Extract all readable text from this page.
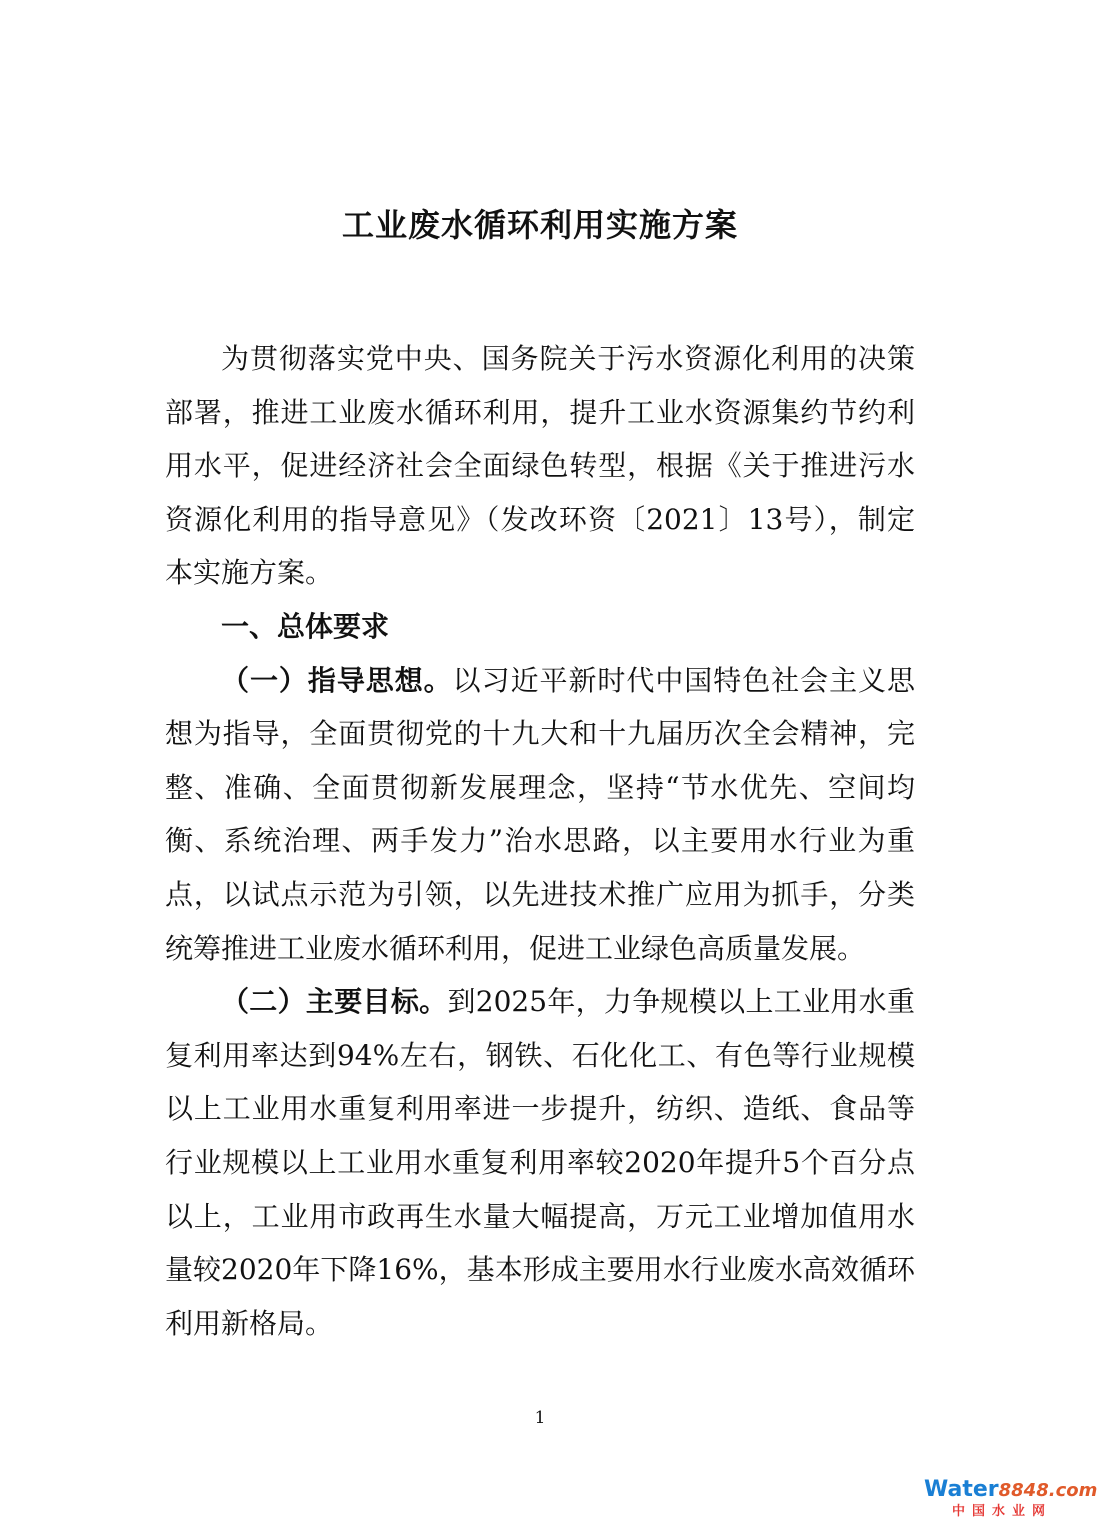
工业废水循环利用实施方案

为贯彻落实党中央、国务院关于污水资源化利用的决策部署，推进工业废水循环利用，提升工业水资源集约节约利用水平，促进经济社会全面绿色转型，根据《关于推进污水资源化利用的指导意见》（发改环资〔2021〕13号），制定本实施方案。

一、总体要求

（一）指导思想。以习近平新时代中国特色社会主义思想为指导，全面贯彻党的十九大和十九届历次全会精神，完整、准确、全面贯彻新发展理念，坚持“节水优先、空间均衡、系统治理、两手发力”治水思路，以主要用水行业为重点，以试点示范为引领，以先进技术推广应用为抓手，分类统筹推进工业废水循环利用，促进工业绿色高质量发展。

（二）主要目标。到2025年，力争规模以上工业用水重复利用率达到94%左右，钢铁、石化化工、有色等行业规模以上工业用水重复利用率进一步提升，纺织、造纸、食品等行业规模以上工业用水重复利用率较2020年提升5个百分点以上，工业用市政再生水量大幅提高，万元工业增加值用水量较2020年下降16%，基本形成主要用水行业废水高效循环利用新格局。

1
Water8848.com
中国水业网
